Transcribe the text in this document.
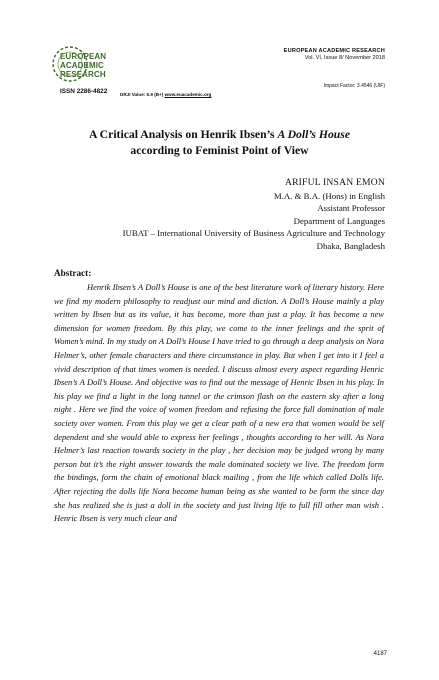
EUROPEAN
ACADEMIC
RESEARCH
EUROPEAN ACADEMIC RESEARCH
Vol. VI, Issue 8/ November 2018
Impact Factor: 3.4546 (UIF)
ISSN 2286-4822	DRJI Value: 5.9 (B+) www.euacademic.org
A Critical Analysis on Henrik Ibsen’s A Doll’s House
according to Feminist Point of View
ARIFUL INSAN EMON
M.A. & B.A. (Hons) in English
Assistant Professor
Department of Languages
IUBAT – International University of Business Agriculture and Technology
Dhaka, Bangladesh
Abstract:

Henrik Ibsen’s A Doll’s House is one of the best literature work of literary history. Here we find my modern philosophy to readjust our mind and diction. A Doll’s House mainly a play written by Ibsen but as its value, it has become, more than just a play. It has become a new dimension for women freedom. By this play, we come to the inner feelings and the sprit of Women’s mind. In my study on A Doll’s House I have tried to go through a deep analysis on Nora Helmer’s, other female characters and there circumstance in play. But when I get into it I feel a vivid description of that times women is needed. I discuss almost every aspect regarding Henric Ibsen’s A Doll’s House. And objective was to find out the message of Henric Ibsen in his play. In his play we find a light in the long tunnel or the crimson flash on the eastern sky after a long night . Here we find the voice of women freedom and refusing the force full domination of male society over women. From this play we get a clear path of a new era that women would be self dependent and she would able to express her feelings , thoughts according to her will. As Nora Helmer’s last reaction towards society in the play , her decision may be judged wrong by many person but it’s the right answer towards the male dominated society we live. The freedom form the bindings, form the chain of emotional black mailing , from the life which called Dolls life. After rejecting the dolls life Nora become human being as she wanted to be form the since day she has realized she is just a doll in the society and just living life to full fill other man wish . Henric Ibsen is very much clear and

4187
